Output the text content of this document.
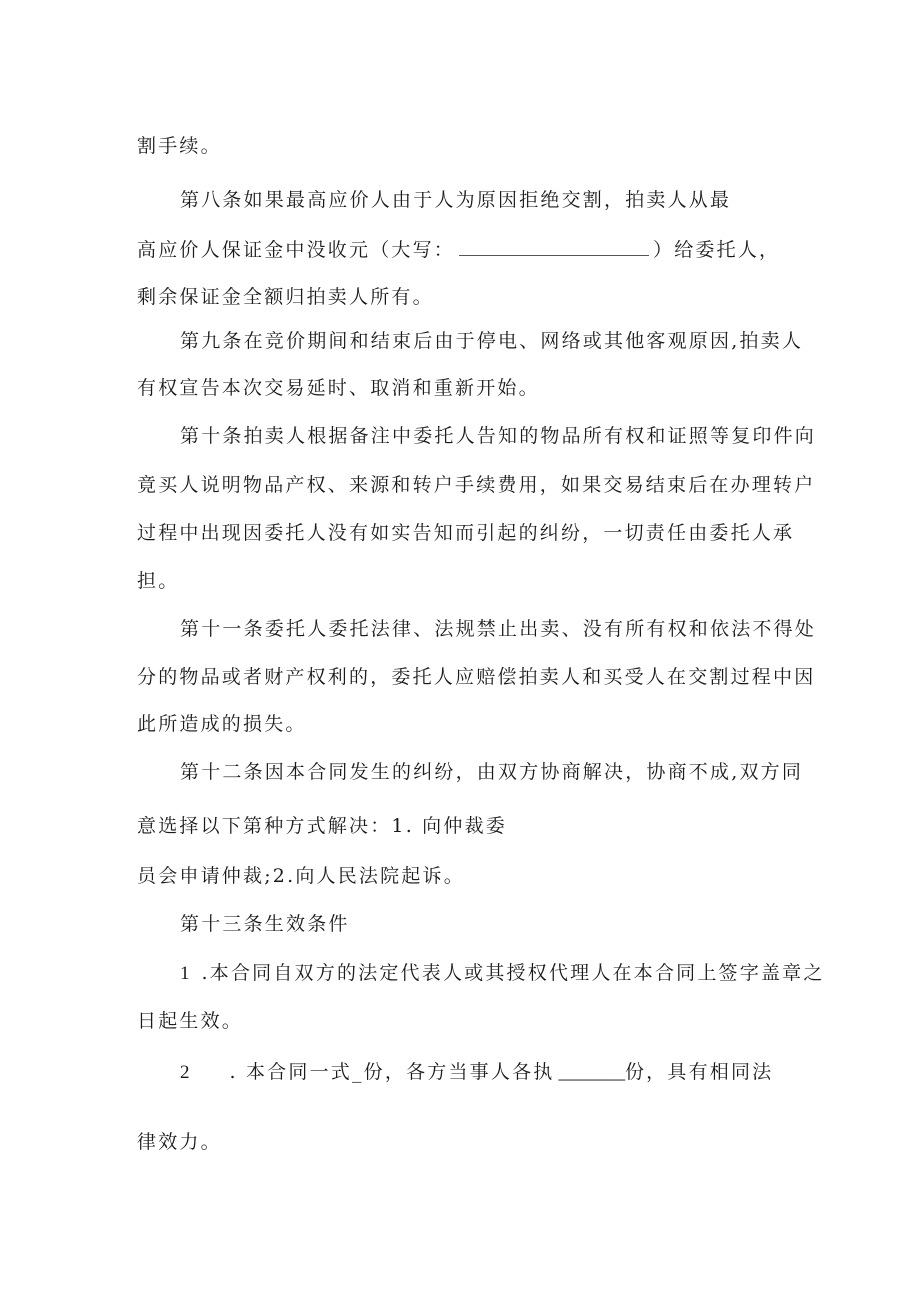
割手续。
第八条如果最高应价人由于人为原因拒绝交割，拍卖人从最
高应价人保证金中没收元（大写：	）给委托人，
剩余保证金全额归拍卖人所有。
第九条在竞价期间和结束后由于停电、网络或其他客观原因,拍卖人
有权宣告本次交易延时、取消和重新开始。
第十条拍卖人根据备注中委托人告知的物品所有权和证照等复印件向
竟买人说明物品产权、来源和转户手续费用，如果交易结束后在办理转户
过程中出现因委托人没有如实告知而引起的纠纷，一切责任由委托人承
担。
第十一条委托人委托法律、法规禁止出卖、没有所有权和依法不得处
分的物品或者财产权利的，委托人应赔偿拍卖人和买受人在交割过程中因
此所造成的损失。
第十二条因本合同发生的纠纷，由双方协商解决，协商不成,双方同
意选择以下第种方式解决：1. 向仲裁委
员会申请仲裁;2.向人民法院起诉。
第十三条生效条件
1 .本合同自双方的法定代表人或其授权代理人在本合同上签字盖章之
日起生效。
2 . 本合同一式_份，各方当事人各执 _______份，具有相同法
律效力。
